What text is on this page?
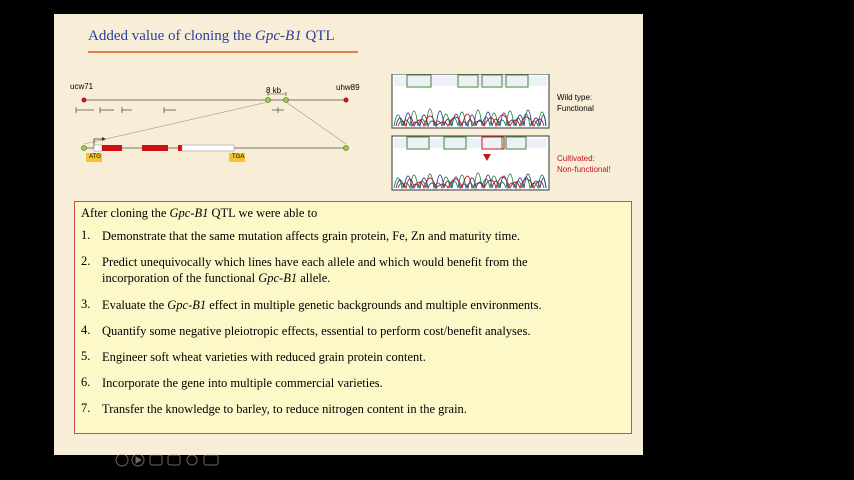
Added value of cloning the Gpc-B1 QTL
ucw71	8 kb	uhw89
ATG	TGA
Wild type:
Functional
Cultivated:
Non-functional!
After cloning the Gpc-B1 QTL we were able to
1. Demonstrate that the same mutation affects grain protein, Fe, Zn and maturity time.
2. Predict unequivocally which lines have each allele and which would benefit from the
incorporation of the functional Gpc-B1 allele.
3. Evaluate the Gpc-B1 effect in multiple genetic backgrounds and multiple environments.
4. Quantify some negative pleiotropic effects, essential to perform cost/benefit analyses.
5. Engineer soft wheat varieties with reduced grain protein content.
6. Incorporate the gene into multiple commercial varieties.
7. Transfer the knowledge to barley, to reduce nitrogen content in the grain.
